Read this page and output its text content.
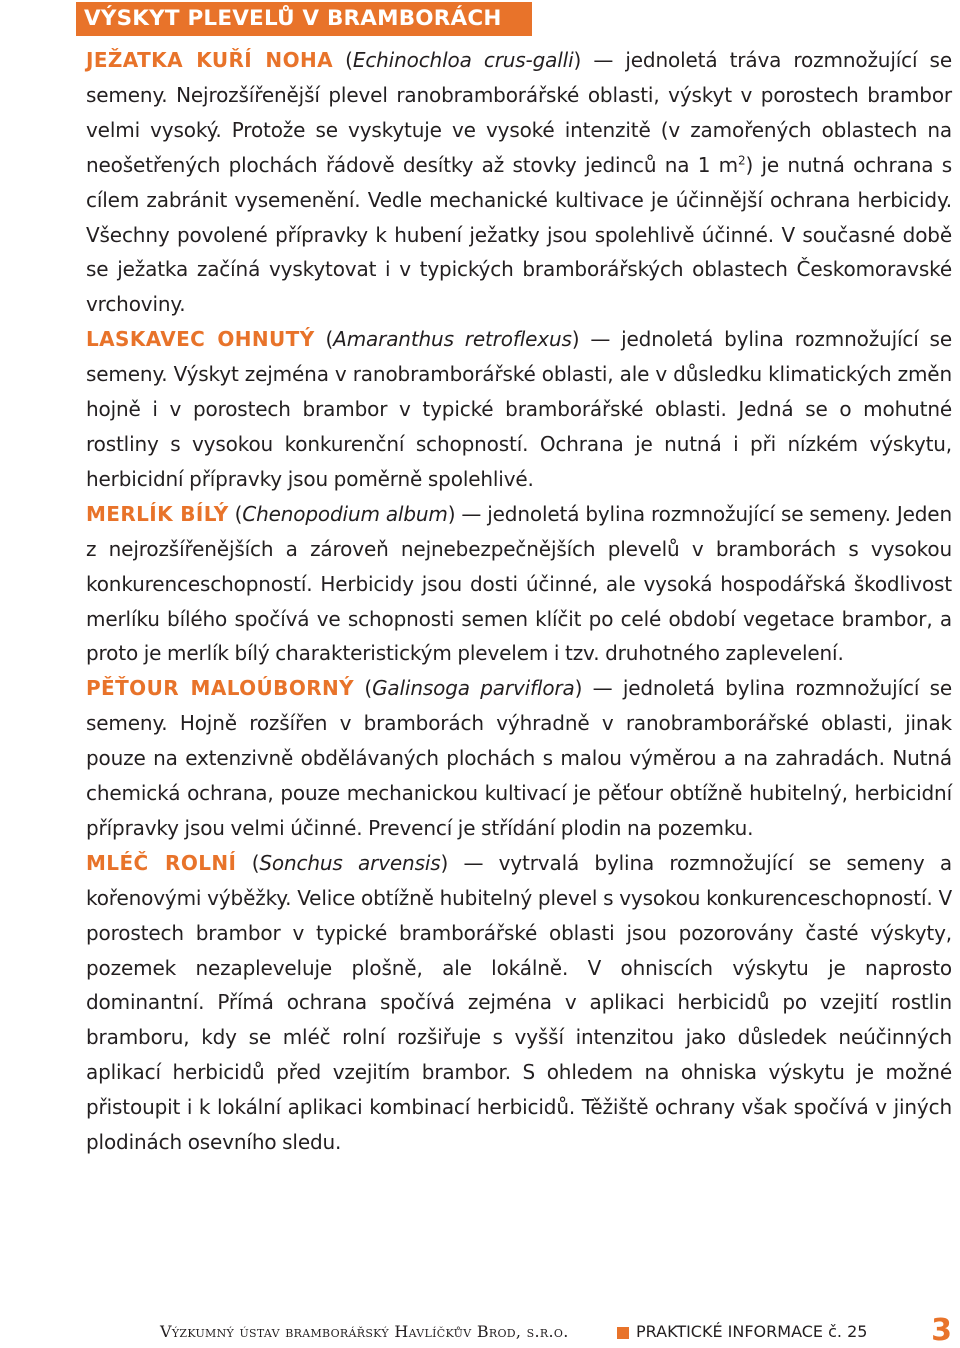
VÝSKYT PLEVELŮ V BRAMBORÁCH

JEŽATKA KUŘÍ NOHA (Echinochloa crus-galli) — jednoletá tráva rozmnožující se semeny. Nejrozšířenější plevel ranobramborářské oblasti, výskyt v porostech brambor velmi vysoký. Protože se vyskytuje ve vysoké intenzitě (v zamořených oblastech na neošetřených plochách řádově desítky až stovky jedinců na 1 $m^2$) je nutná ochrana s cílem zabránit vysemenění. Vedle mechanické kultivace je účinnější ochrana herbicidy. Všechny povolené přípravky k hubení ježatky jsou spolehlivě účinné. V současné době se ježatka začíná vyskytovat i v typických bramborářských oblastech Českomoravské vrchoviny.

LASKAVEC OHNUTÝ (Amaranthus retroflexus) — jednoletá bylina rozmnožující se semeny. Výskyt zejména v ranobramborářské oblasti, ale v důsledku klimatických změn hojně i v porostech brambor v typické bramborářské oblasti. Jedná se o mohutné rostliny s vysokou konkurenční schopností. Ochrana je nutná i při nízkém výskytu, herbicidní přípravky jsou poměrně spolehlivé.

MERLÍK BÍLÝ (Chenopodium album) — jednoletá bylina rozmnožující se semeny. Jeden z nejrozšířenějších a zároveň nejnebezpečnějších plevelů v bramborách s vysokou konkurenceschopností. Herbicidy jsou dosti účinné, ale vysoká hospodářská škodlivost merlíku bílého spočívá ve schopnosti semen klíčit po celé období vegetace brambor, a proto je merlík bílý charakteristickým plevelem i tzv. druhotného zaplevelení.

PĚŤOUR MALOÚBORNÝ (Galinsoga parviflora) — jednoletá bylina rozmnožující se semeny. Hojně rozšířen v bramborách výhradně v ranobramborářské oblasti, jinak pouze na extenzivně obdělávaných plochách s malou výměrou a na zahradách. Nutná chemická ochrana, pouze mechanickou kultivací je pěťour obtížně hubitelný, herbicidní přípravky jsou velmi účinné. Prevencí je střídání plodin na pozemku.

MLÉČ ROLNÍ (Sonchus arvensis) — vytrvalá bylina rozmnožující se semeny a kořenovými výběžky. Velice obtížně hubitelný plevel s vysokou konkurenceschopností. V porostech brambor v typické bramborářské oblasti jsou pozorovány časté výskyty, pozemek nezapleveluje plošně, ale lokálně. V ohniscích výskytu je naprosto dominantní. Přímá ochrana spočívá zejména v aplikaci herbicidů po vzejití rostlin bramboru, kdy se mléč rolní rozšiřuje s vyšší intenzitou jako důsledek neúčinných aplikací herbicidů před vzejitím brambor. S ohledem na ohniska výskytu je možné přistoupit i k lokální aplikaci kombinací herbicidů. Těžiště ochrany však spočívá v jiných plodinách osevního sledu.

Výzkumný ústav bramborářský Havlíčkův Brod, s.r.o.	PRAKTICKÉ INFORMACE č. 25 3
